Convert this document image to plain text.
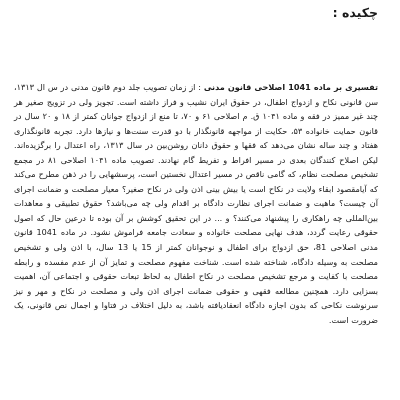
چکیده :

تفسیری بر ماده 1041 اصلاحی قانون مدنی : از زمان تصویب جلد دوم قانون مدنی در س ال ۱۳۱۳، سن قانونی نکاح و ازدواج اطفال، در حقوق ایران نشیب و فراز داشته است. تجویز ولی در تزویج صغیر هر چند غیر ممیز در فقه و ماده ۱۰۴۱ ق. م اصلاحی ۶۱ و ۷۰، تا منع از ازدواج جوانان کمتر از ۱۸ و ۲۰ سال در قانون حمایت خانواده ۵۳، حکایت از مواجهه قانونگذار با دو قدرت سنت‌ها و نیازها دارد. تجربه قانونگذاری هفتاد و چند ساله نشان می‌دهد که فقها و حقوق دانان روشن‌بین در سال ۱۳۱۳، راه اعتدال را برگزیده‌اند. لیکن اصلاح کنندگان بعدی در مسیر افراط و تفریط گام نهادند. تصویب ماده ۱۰۴۱ اصلاحی ۸۱ در مجمع تشخیص مصلحت نظام، که گامی ناقص در مسیر اعتدال نخستین است، پرسشهایی را در ذهن مطرح می‌کند که آیامقصود ابقاء ولایت در نکاح است یا بیش بینی اذن ولی در نکاح صغیر؟ معیار مصلحت و ضمانت اجرای آن چیست؟ ماهیت و ضمانت اجرای نظارت دادگاه بر اقدام ولی چه می‌باشد؟ حقوق تطبیقی و معاهدات بین‌المللی چه راهکاری را پیشنهاد می‌کنند؟ و ... در این تحقیق کوشش بر آن بوده تا درعین حال که اصول حقوقی رعایت گردد، هدف نهایی مصلحت خانواده و سعادت جامعه فراموش نشود. در ماده 1041 قانون مدنی اصلاحی 81، حق ازدواج برای اطفال و نوجوانان کمتر از 15 یا 13 سال، با اذن ولی و تشخیص مصلحت به وسیله دادگاه، شناخته شده است. شناخت مفهوم مصلحت و تمایز آن از عدم مفسده و رابطه مصلحت با کفایت و مرجع تشخیص مصلحت در نکاح اطفال به لحاظ تبعات حقوقی و اجتماعی آن، اهمیت بسزایی دارد. همچنین مطالعه فقهی و حقوقی ضمانت اجرای اذن ولی و مصلحت در نکاح و مهر و نیز سرنوشت نکاحی که بدون اجازه دادگاه انعقادیافته باشد، به دلیل اختلاف در فتاوا و اجمال نص قانونی، یک ضرورت است.
